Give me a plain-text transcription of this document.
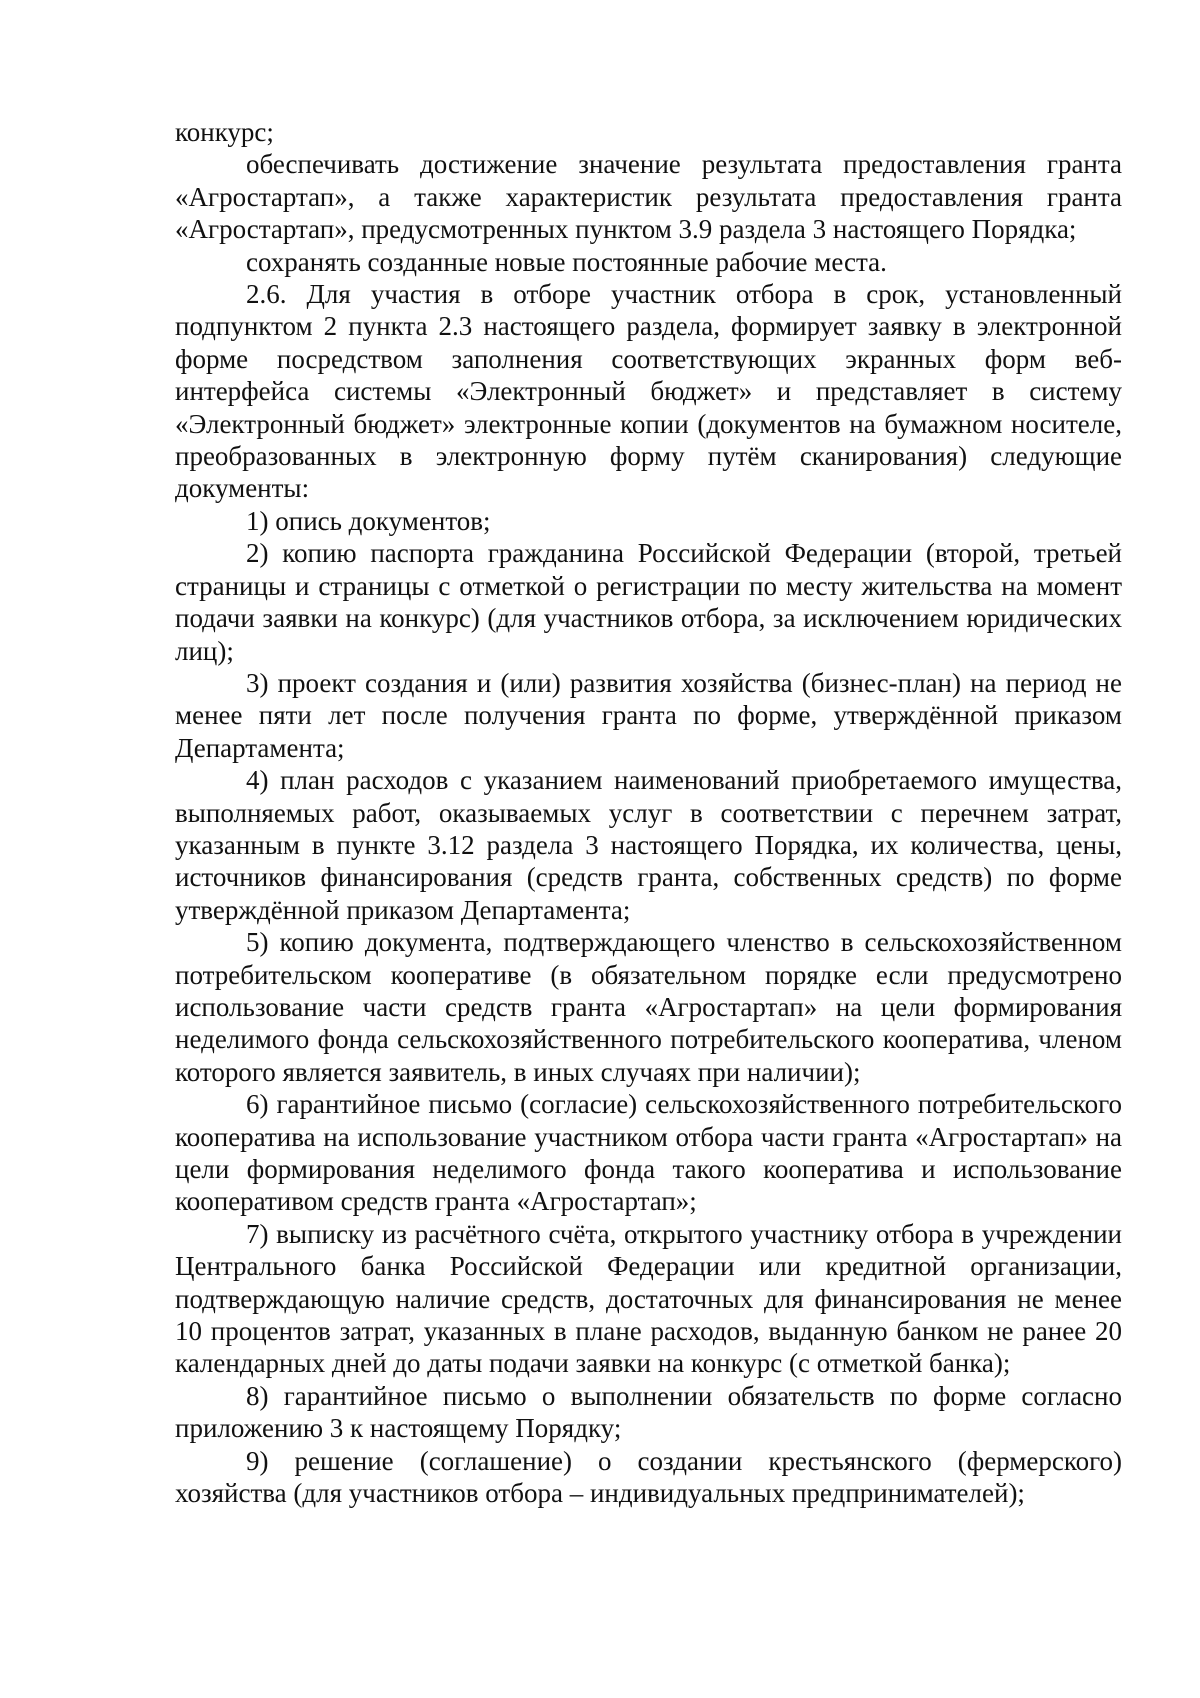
конкурс;

обеспечивать достижение значение результата предоставления гранта «Агростартап», а также характеристик результата предоставления гранта «Агростартап», предусмотренных пунктом 3.9 раздела 3 настоящего Порядка;

сохранять созданные новые постоянные рабочие места.

2.6. Для участия в отборе участник отбора в срок, установленный подпунктом 2 пункта 2.3 настоящего раздела, формирует заявку в электронной форме посредством заполнения соответствующих экранных форм веб-интерфейса системы «Электронный бюджет» и представляет в систему «Электронный бюджет» электронные копии (документов на бумажном носителе, преобразованных в электронную форму путём сканирования) следующие документы:

1) опись документов;

2) копию паспорта гражданина Российской Федерации (второй, третьей страницы и страницы с отметкой о регистрации по месту жительства на момент подачи заявки на конкурс) (для участников отбора, за исключением юридических лиц);

3) проект создания и (или) развития хозяйства (бизнес-план) на период не менее пяти лет после получения гранта по форме, утверждённой приказом Департамента;

4) план расходов с указанием наименований приобретаемого имущества, выполняемых работ, оказываемых услуг в соответствии с перечнем затрат, указанным в пункте 3.12 раздела 3 настоящего Порядка, их количества, цены, источников финансирования (средств гранта, собственных средств) по форме утверждённой приказом Департамента;

5) копию документа, подтверждающего членство в сельскохозяйственном потребительском кооперативе (в обязательном порядке если предусмотрено использование части средств гранта «Агростартап» на цели формирования неделимого фонда сельскохозяйственного потребительского кооператива, членом которого является заявитель, в иных случаях при наличии);

6) гарантийное письмо (согласие) сельскохозяйственного потребительского кооператива на использование участником отбора части гранта «Агростартап» на цели формирования неделимого фонда такого кооператива и использование кооперативом средств гранта «Агростартап»;

7) выписку из расчётного счёта, открытого участнику отбора в учреждении Центрального банка Российской Федерации или кредитной организации, подтверждающую наличие средств, достаточных для финансирования не менее 10 процентов затрат, указанных в плане расходов, выданную банком не ранее 20 календарных дней до даты подачи заявки на конкурс (с отметкой банка);

8) гарантийное письмо о выполнении обязательств по форме согласно приложению 3 к настоящему Порядку;

9) решение (соглашение) о создании крестьянского (фермерского) хозяйства (для участников отбора – индивидуальных предпринимателей);
